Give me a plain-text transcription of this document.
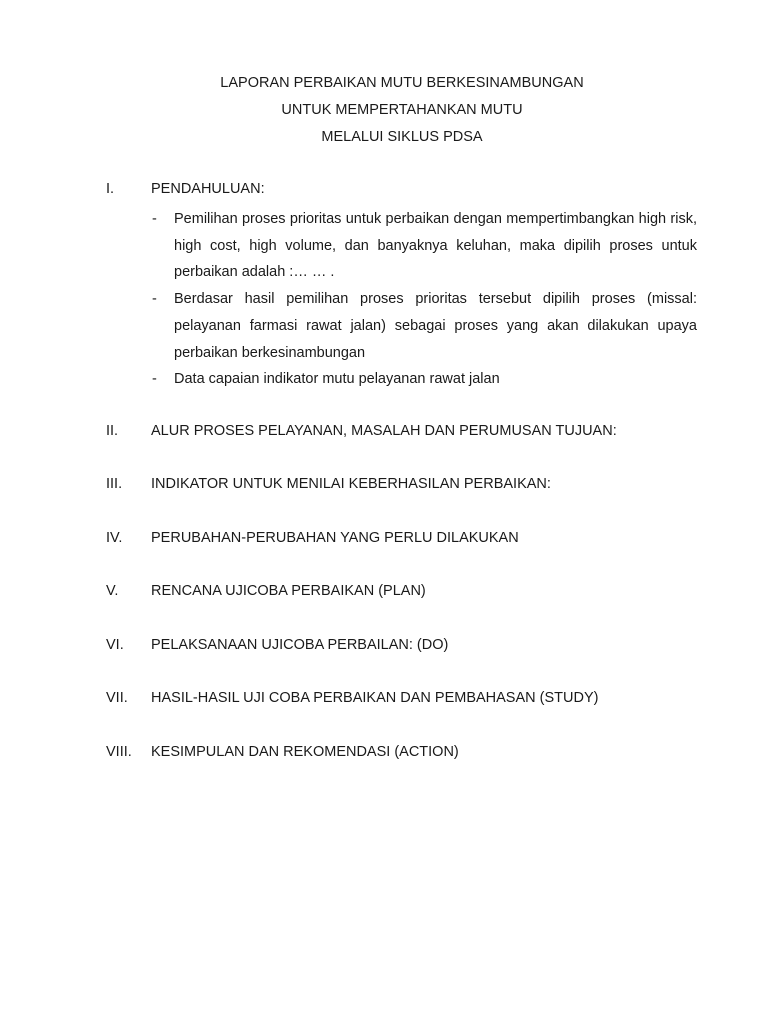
LAPORAN PERBAIKAN MUTU BERKESINAMBUNGAN
UNTUK MEMPERTAHANKAN MUTU
MELALUI SIKLUS PDSA
I.	PENDAHULUAN:
- Pemilihan proses prioritas untuk perbaikan dengan mempertimbangkan high risk, high cost, high volume, dan banyaknya keluhan, maka dipilih proses untuk perbaikan adalah :… … .
- Berdasar hasil pemilihan proses prioritas tersebut dipilih proses (missal: pelayanan farmasi rawat jalan) sebagai proses yang akan dilakukan upaya perbaikan berkesinambungan
- Data capaian indikator mutu pelayanan rawat jalan
II.	ALUR PROSES PELAYANAN, MASALAH DAN PERUMUSAN TUJUAN:
III.	INDIKATOR UNTUK MENILAI KEBERHASILAN PERBAIKAN:
IV.	PERUBAHAN-PERUBAHAN YANG PERLU DILAKUKAN
V.	RENCANA UJICOBA PERBAIKAN (PLAN)
VI.	PELAKSANAAN UJICOBA PERBAILAN: (DO)
VII.	HASIL-HASIL UJI COBA PERBAIKAN DAN PEMBAHASAN (STUDY)
VIII.	KESIMPULAN DAN REKOMENDASI (ACTION)
